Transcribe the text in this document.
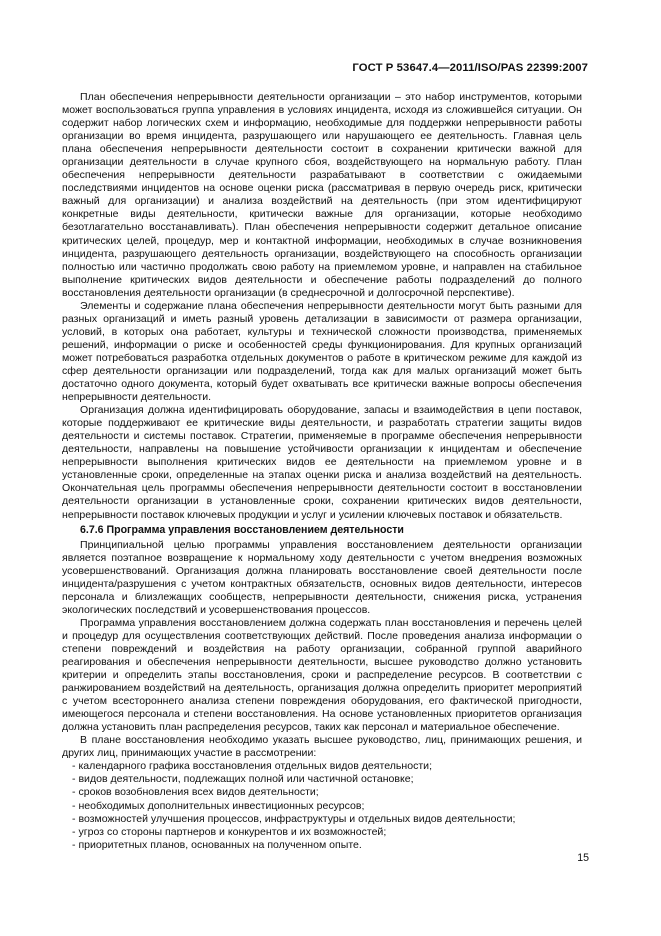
ГОСТ Р 53647.4—2011/ISO/PAS 22399:2007

План обеспечения непрерывности деятельности организации – это набор инструментов, которыми может воспользоваться группа управления в условиях инцидента, исходя из сложившейся ситуации. Он содержит набор логических схем и информацию, необходимые для поддержки непрерывности работы организации во время инцидента, разрушающего или нарушающего ее деятельность. Главная цель плана обеспечения непрерывности деятельности состоит в сохранении критически важной для организации деятельности в случае крупного сбоя, воздействующего на нормальную работу. План обеспечения непрерывности деятельности разрабатывают в соответствии с ожидаемыми последствиями инцидентов на основе оценки риска (рассматривая в первую очередь риск, критически важный для организации) и анализа воздействий на деятельность (при этом идентифицируют конкретные виды деятельности, критически важные для организации, которые необходимо безотлагательно восстанавливать). План обеспечения непрерывности содержит детальное описание критических целей, процедур, мер и контактной информации, необходимых в случае возникновения инцидента, разрушающего деятельность организации, воздействующего на способность организации полностью или частично продолжать свою работу на приемлемом уровне, и направлен на стабильное выполнение критических видов деятельности и обеспечение работы подразделений до полного восстановления деятельности организации (в среднесрочной и долгосрочной перспективе).

Элементы и содержание плана обеспечения непрерывности деятельности могут быть разными для разных организаций и иметь разный уровень детализации в зависимости от размера организации, условий, в которых она работает, культуры и технической сложности производства, применяемых решений, информации о риске и особенностей среды функционирования. Для крупных организаций может потребоваться разработка отдельных документов о работе в критическом режиме для каждой из сфер деятельности организации или подразделений, тогда как для малых организаций может быть достаточно одного документа, который будет охватывать все критически важные вопросы обеспечения непрерывности деятельности.

Организация должна идентифицировать оборудование, запасы и взаимодействия в цепи поставок, которые поддерживают ее критические виды деятельности, и разработать стратегии защиты видов деятельности и системы поставок. Стратегии, применяемые в программе обеспечения непрерывности деятельности, направлены на повышение устойчивости организации к инцидентам и обеспечение непрерывности выполнения критических видов ее деятельности на приемлемом уровне и в установленные сроки, определенные на этапах оценки риска и анализа воздействий на деятельность. Окончательная цель программы обеспечения непрерывности деятельности состоит в восстановлении деятельности организации в установленные сроки, сохранении критических видов деятельности, непрерывности поставок ключевых продукции и услуг и усилении ключевых поставок и обязательств.

6.7.6 Программа управления восстановлением деятельности

Принципиальной целью программы управления восстановлением деятельности организации является поэтапное возвращение к нормальному ходу деятельности с учетом внедрения возможных усовершенствований. Организация должна планировать восстановление своей деятельности после инцидента/разрушения с учетом контрактных обязательств, основных видов деятельности, интересов персонала и близлежащих сообществ, непрерывности деятельности, снижения риска, устранения экологических последствий и усовершенствования процессов.

Программа управления восстановлением должна содержать план восстановления и перечень целей и процедур для осуществления соответствующих действий. После проведения анализа информации о степени повреждений и воздействия на работу организации, собранной группой аварийного реагирования и обеспечения непрерывности деятельности, высшее руководство должно установить критерии и определить этапы восстановления, сроки и распределение ресурсов. В соответствии с ранжированием воздействий на деятельность, организация должна определить приоритет мероприятий с учетом всестороннего анализа степени повреждения оборудования, его фактической пригодности, имеющегося персонала и степени восстановления. На основе установленных приоритетов организация должна установить план распределения ресурсов, таких как персонал и материальное обеспечение.

В плане восстановления необходимо указать высшее руководство, лиц, принимающих решения, и других лиц, принимающих участие в рассмотрении:

- календарного графика восстановления отдельных видов деятельности;
- видов деятельности, подлежащих полной или частичной остановке;
- сроков возобновления всех видов деятельности;
- необходимых дополнительных инвестиционных ресурсов;
- возможностей улучшения процессов, инфраструктуры и отдельных видов деятельности;
- угроз со стороны партнеров и конкурентов и их возможностей;
- приоритетных планов, основанных на полученном опыте.
15
